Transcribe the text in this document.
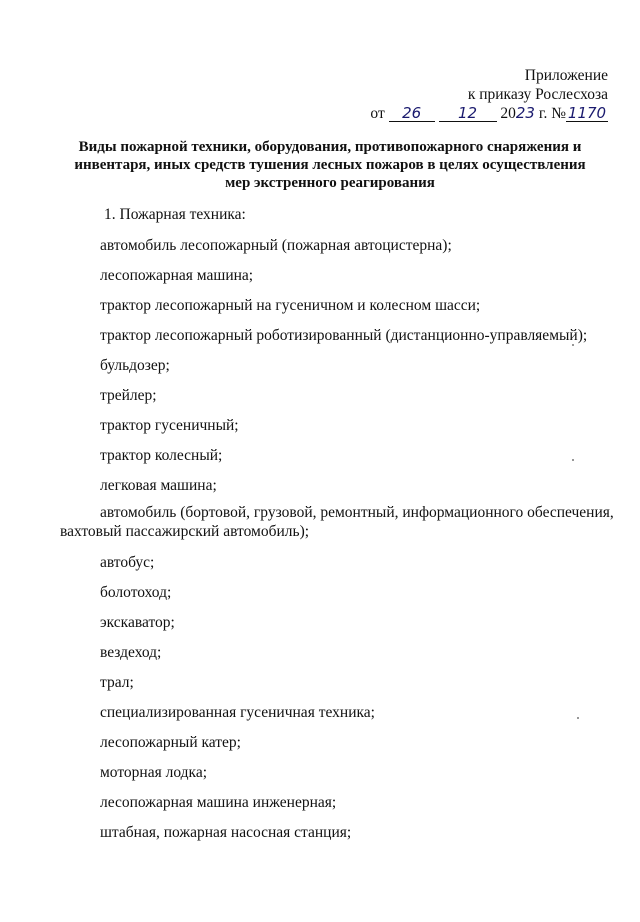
Приложение
к приказу Рослесхоза
от 26 12 2023 г. № 1170
Виды пожарной техники, оборудования, противопожарного снаряжения и
инвентаря, иных средств тушения лесных пожаров в целях осуществления
мер экстренного реагирования
1. Пожарная техника:
автомобиль лесопожарный (пожарная автоцистерна);
лесопожарная машина;
трактор лесопожарный на гусеничном и колесном шасси;
трактор лесопожарный роботизированный (дистанционно-управляемый);
бульдозер;
трейлер;
трактор гусеничный;
трактор колесный;
легковая машина;
автомобиль (бортовой, грузовой, ремонтный, информационного обеспечения,
вахтовый пассажирский автомобиль);
автобус;
болотоход;
экскаватор;
вездеход;
трал;
специализированная гусеничная техника;
лесопожарный катер;
моторная лодка;
лесопожарная машина инженерная;
штабная, пожарная насосная станция;
